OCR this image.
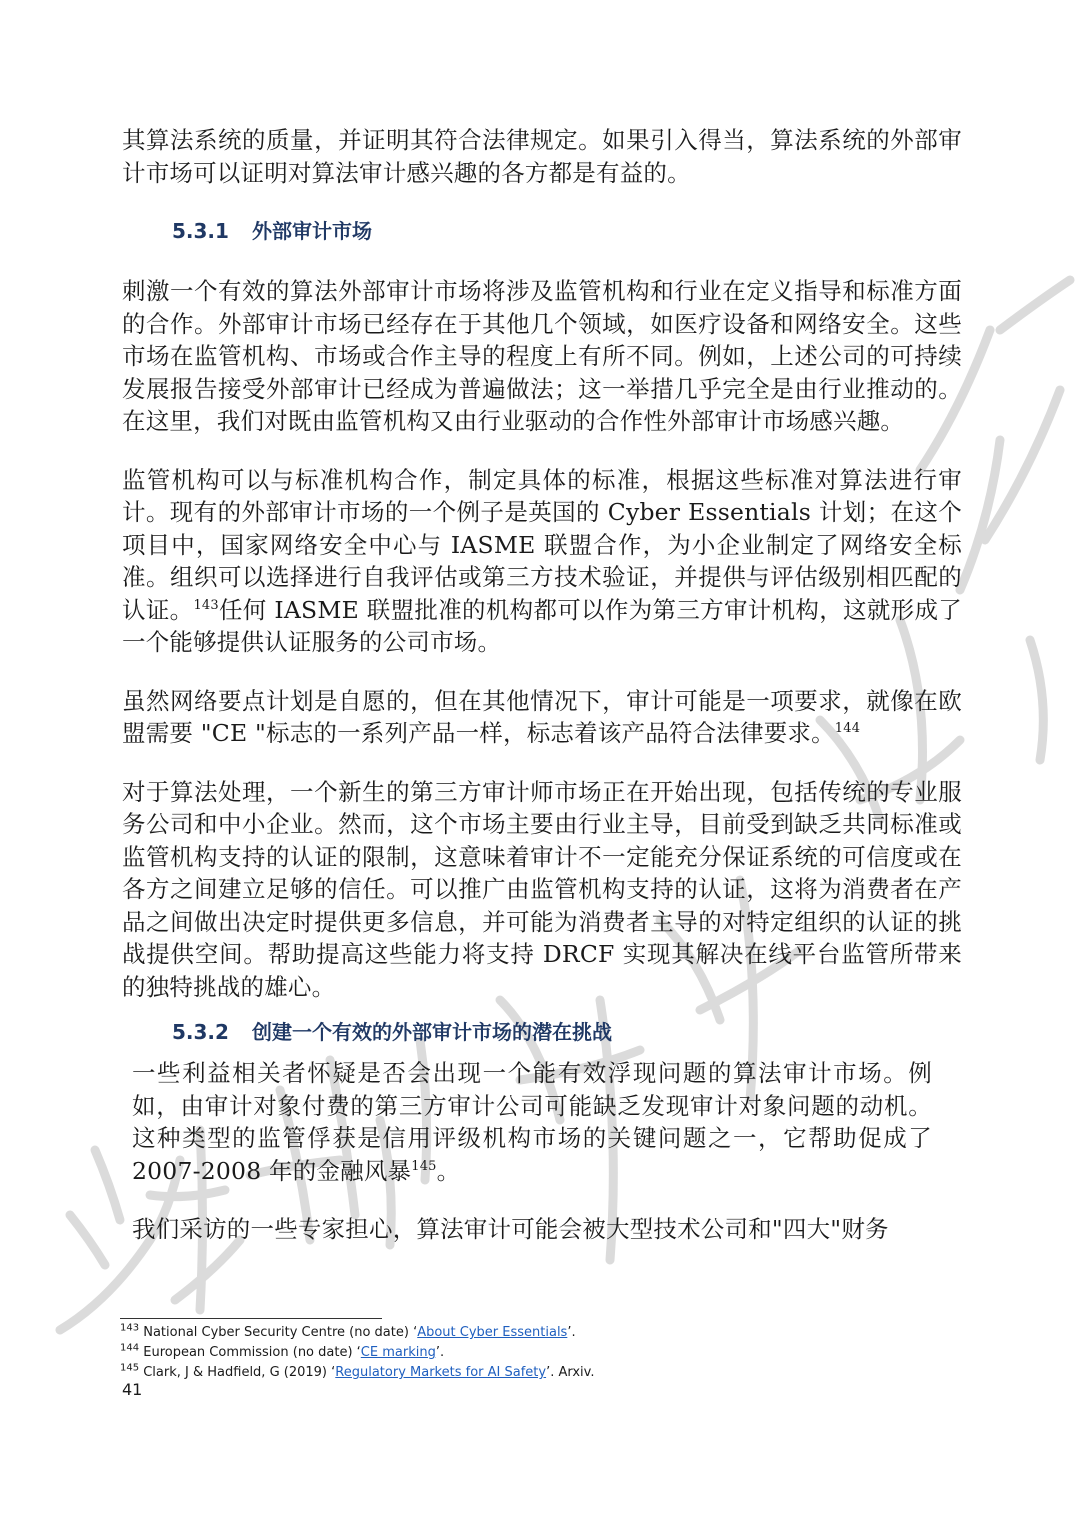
其算法系统的质量，并证明其符合法律规定。如果引入得当，算法系统的外部审计市场可以证明对算法审计感兴趣的各方都是有益的。

5.3.1	外部审计市场

刺激一个有效的算法外部审计市场将涉及监管机构和行业在定义指导和标准方面的合作。外部审计市场已经存在于其他几个领域，如医疗设备和网络安全。这些市场在监管机构、市场或合作主导的程度上有所不同。例如，上述公司的可持续发展报告接受外部审计已经成为普遍做法；这一举措几乎完全是由行业推动的。在这里，我们对既由监管机构又由行业驱动的合作性外部审计市场感兴趣。

监管机构可以与标准机构合作，制定具体的标准，根据这些标准对算法进行审计。现有的外部审计市场的一个例子是英国的 Cyber Essentials 计划；在这个项目中，国家网络安全中心与 IASME 联盟合作，为小企业制定了网络安全标准。组织可以选择进行自我评估或第三方技术验证，并提供与评估级别相匹配的认证。$^{143}$任何 IASME 联盟批准的机构都可以作为第三方审计机构，这就形成了一个能够提供认证服务的公司市场。

虽然网络要点计划是自愿的，但在其他情况下，审计可能是一项要求，就像在欧盟需要 "CE "标志的一系列产品一样，标志着该产品符合法律要求。$^{144}$

对于算法处理，一个新生的第三方审计师市场正在开始出现，包括传统的专业服务公司和中小企业。然而，这个市场主要由行业主导，目前受到缺乏共同标准或监管机构支持的认证的限制，这意味着审计不一定能充分保证系统的可信度或在各方之间建立足够的信任。可以推广由监管机构支持的认证，这将为消费者在产品之间做出决定时提供更多信息，并可能为消费者主导的对特定组织的认证的挑战提供空间。帮助提高这些能力将支持 DRCF 实现其解决在线平台监管所带来的独特挑战的雄心。

5.3.2	创建一个有效的外部审计市场的潜在挑战

一些利益相关者怀疑是否会出现一个能有效浮现问题的算法审计市场。例如，由审计对象付费的第三方审计公司可能缺乏发现审计对象问题的动机。这种类型的监管俘获是信用评级机构市场的关键问题之一，它帮助促成了 2007-2008 年的金融风暴$^{145}$。

我们采访的一些专家担心，算法审计可能会被大型技术公司和"四大"财务

$^{143}$ National Cyber Security Centre (no date) ‘About Cyber Essentials’.

$^{144}$ European Commission (no date) ‘CE marking’.

$^{145}$ Clark, J & Hadfield, G (2019) ‘Regulatory Markets for AI Safety’. Arxiv.

41
